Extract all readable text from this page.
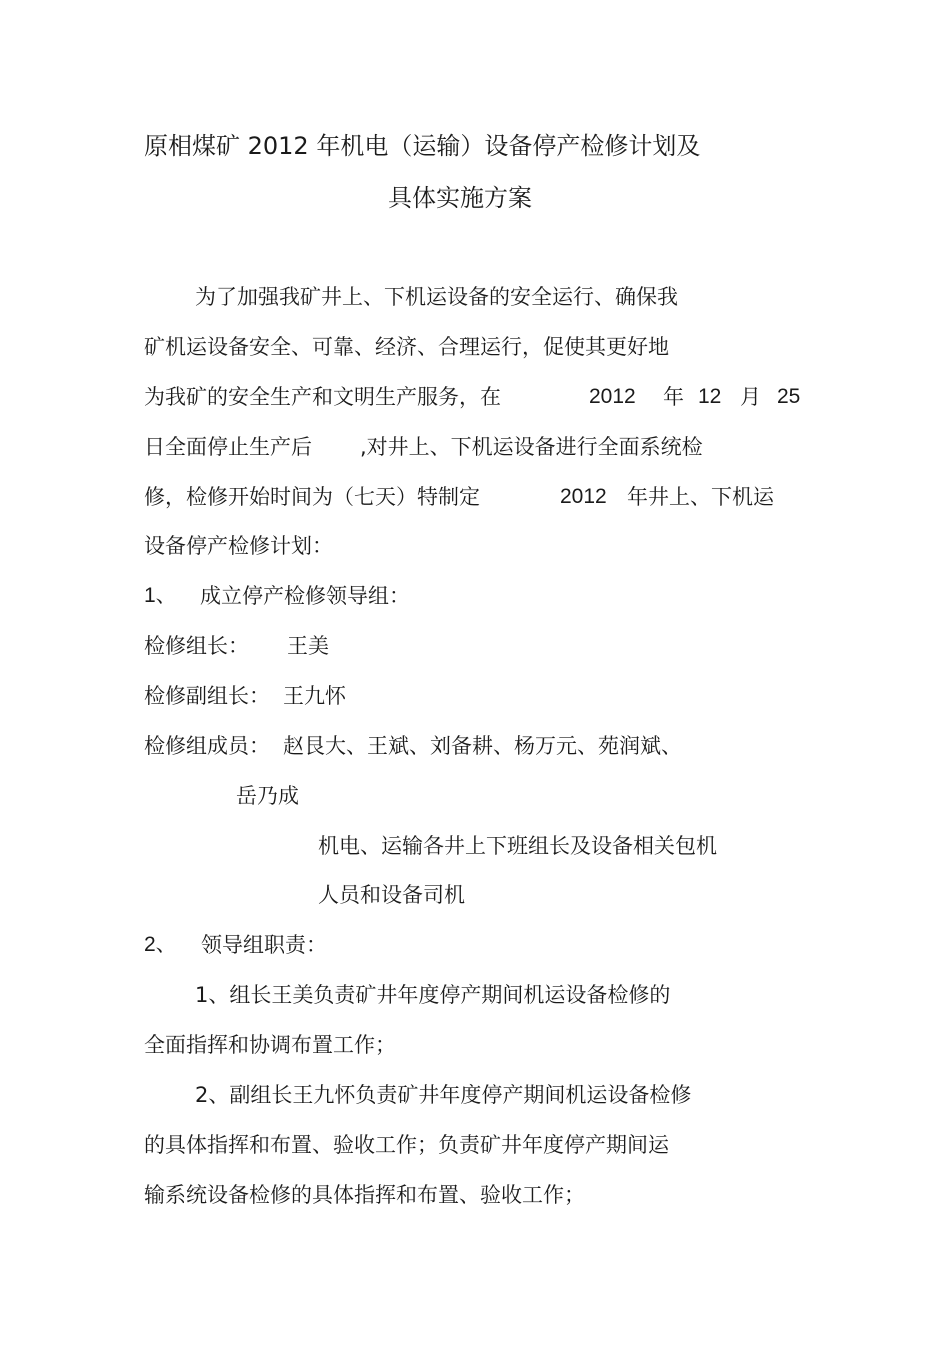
原相煤矿 2012 年机电（运输）设备停产检修计划及
具体实施方案
为了加强我矿井上、下机运设备的安全运行、确保我
矿机运设备安全、可靠、经济、合理运行，促使其更好地
为我矿的安全生产和文明生产服务，在	2012 年 12 月 25
日全面停止生产后 ,对井上、下机运设备进行全面系统检
修，检修开始时间为（七天）特制定	2012 年井上、下机运
设备停产检修计划：
1、 成立停产检修领导组：
检修组长： 王美
检修副组长： 王九怀
检修组成员： 赵艮大、王斌、刘备耕、杨万元、苑润斌、
岳乃成
机电、运输各井上下班组长及设备相关包机
人员和设备司机
2、 领导组职责：
1、组长王美负责矿井年度停产期间机运设备检修的
全面指挥和协调布置工作；
2、副组长王九怀负责矿井年度停产期间机运设备检修
的具体指挥和布置、验收工作；负责矿井年度停产期间运
输系统设备检修的具体指挥和布置、验收工作；
